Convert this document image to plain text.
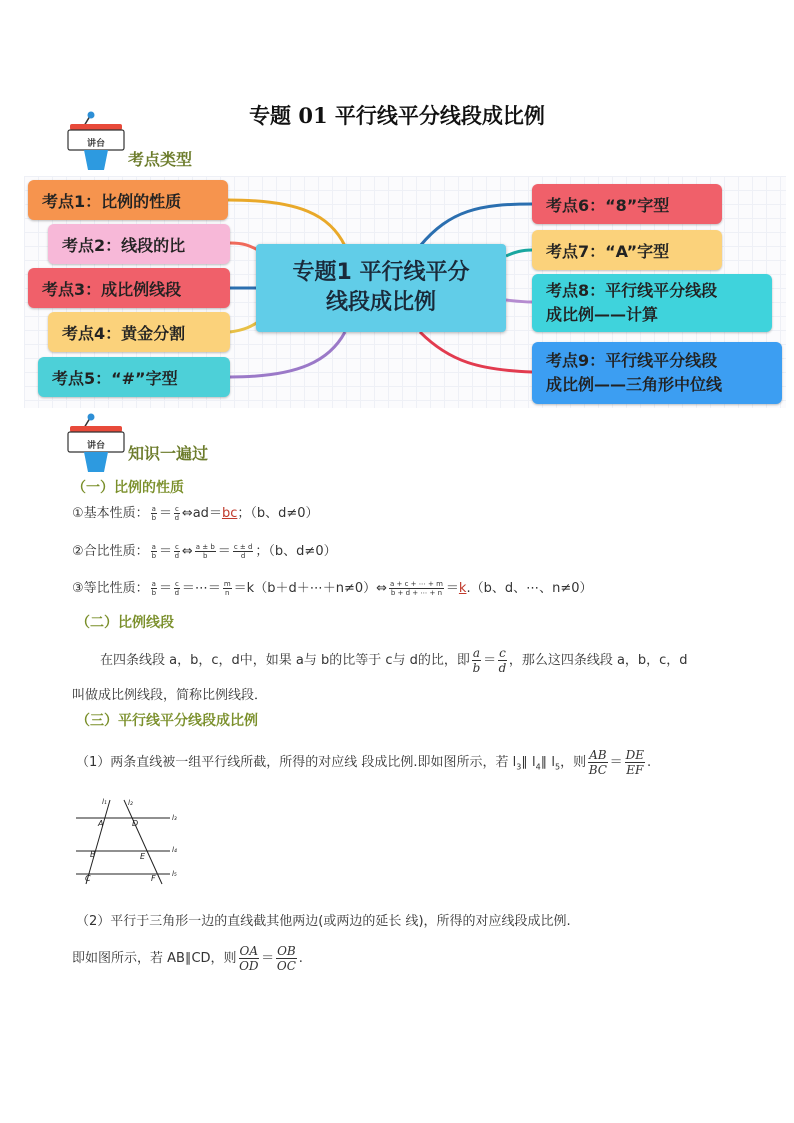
专题 01 平行线平分线段成比例
讲台
考点类型
考点1：比例的性质
考点2：线段的比
考点3：成比例线段
考点4：黄金分割
考点5：“#”字型
专题1 平行线平分
线段成比例
考点6：“8”字型
考点7：“A”字型
考点8：平行线平分线段
成比例——计算
考点9：平行线平分线段
成比例——三角形中位线
讲台 知识一遍过
（一）比例的性质
①基本性质： $\frac{a}{b} = \frac{c}{d}$ ⇔ad＝bc；（b、d≠0）
②合比性质： $\frac{a}{b} = \frac{c}{d}$ ⇔ $\frac{a \pm b}{b} = \frac{c \pm d}{d}$ ；（b、d≠0）
③等比性质： $\frac{a}{b} = \frac{c}{d}$ ＝⋯＝ $\frac{m}{n}$ ＝k（b＋d＋⋯＋n≠0）⇔ $\frac{a + c + \cdots + m}{b + d + \cdots + n} =k.(b$、d、⋯、n≠0）
（二）比例线段
在四条线段 a，b，c，d中，如果 a与 b的比等于 c与 d的比，即 $\frac{a}{b} = \frac{c}{d}$ ，那么这四条线段 a，b，c，d
叫做成比例线段，简称比例线段．
（三）平行线平分线段成比例
（1）两条直线被一组平行线所截，所得的对应线 段成比例.即如图所示，若 $l_3\parallel$ $l_4\parallel$ $l_5$，则 $\frac{AB}{BC} = \frac{DE}{EF}$ .
l₁	l₂
A	D
l₃
B	E
l₄
C	F l₅
（2）平行于三角形一边的直线截其他两边(或两边的延长 线)，所得的对应线段成比例.
即如图所示，若 AB∥CD，则 $\frac{OA}{OD} = \frac{OB}{OC}$ .
